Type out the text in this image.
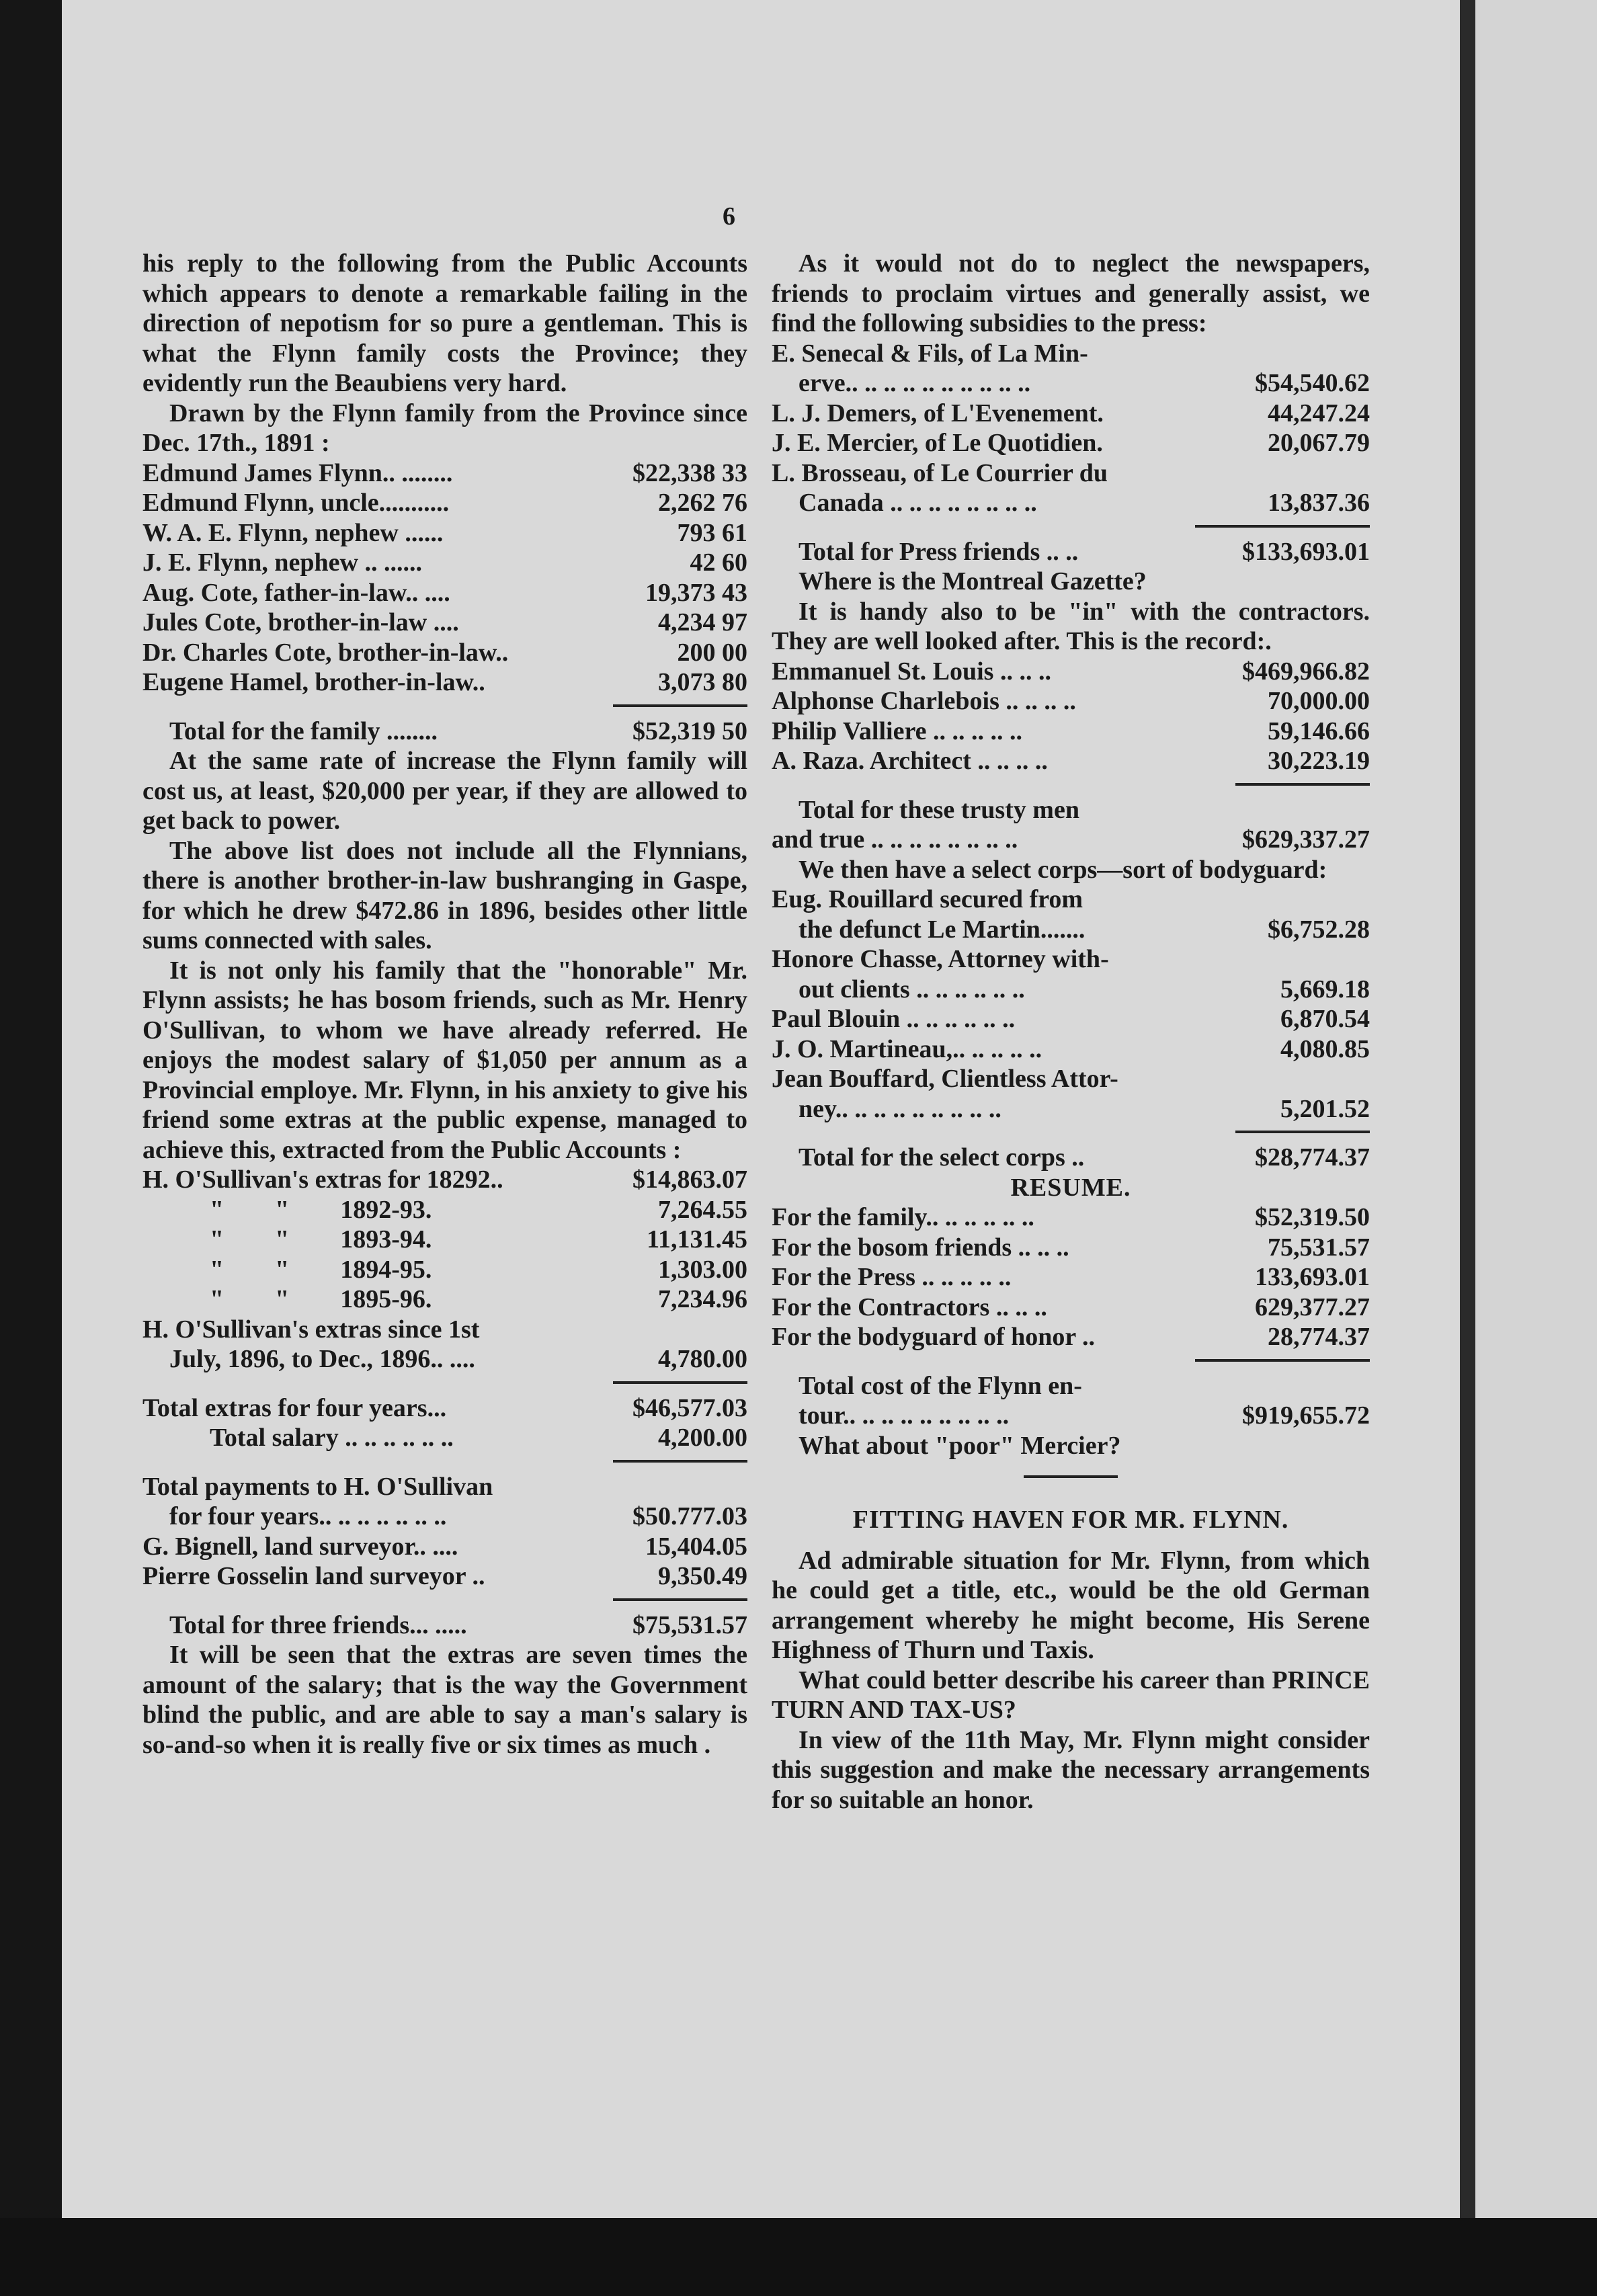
6

his reply to the following from the Public Accounts which appears to denote a remarkable failing in the direction of nepotism for so pure a gentleman. This is what the Flynn family costs the Province; they evidently run the Beaubiens very hard.

Drawn by the Flynn family from the Province since Dec. 17th., 1891 :

Edmund James Flynn.. ........	$22,338 33
Edmund Flynn, uncle...........	2,262 76
W. A. E. Flynn, nephew ......	793 61
J. E. Flynn, nephew .. ......	42 60
Aug. Cote, father-in-law.. ....	19,373 43
Jules Cote, brother-in-law ....	4,234 97
Dr. Charles Cote, brother-in-law..	200 00
Eugene Hamel, brother-in-law..	3,073 80
Total for the family ........	$52,319 50

At the same rate of increase the Flynn family will cost us, at least, $20,000 per year, if they are allowed to get back to power.

The above list does not include all the Flynnians, there is another brother-in-law bushranging in Gaspe, for which he drew $472.86 in 1896, besides other little sums connected with sales.

It is not only his family that the "honorable" Mr. Flynn assists; he has bosom friends, such as Mr. Henry O'Sullivan, to whom we have already referred. He enjoys the modest salary of $1,050 per annum as a Provincial employe. Mr. Flynn, in his anxiety to give his friend some extras at the public expense, managed to achieve this, extracted from the Public Accounts :

H. O'Sullivan's extras for 18292..	$14,863.07
"        "        1892-93.	7,264.55
"        "        1893-94.	11,131.45
"        "        1894-95.	1,303.00
"        "        1895-96.	7,234.96
H. O'Sullivan's extras since 1st
July, 1896, to Dec., 1896.. ....	4,780.00
Total extras for four years...	$46,577.03
Total salary .. .. .. .. .. ..	4,200.00
Total payments to H. O'Sullivan
for four years.. .. .. .. .. .. ..	$50.777.03
G. Bignell, land surveyor.. ....	15,404.05
Pierre Gosselin land surveyor ..	9,350.49
Total for three friends... .....	$75,531.57

It will be seen that the extras are seven times the amount of the salary; that is the way the Government blind the public, and are able to say a man's salary is so-and-so when it is really five or six times as much .

As it would not do to neglect the newspapers, friends to proclaim virtues and generally assist, we find the following subsidies to the press:

E. Senecal & Fils, of La Min-
erve.. .. .. .. .. .. .. .. .. ..	$54,540.62
L. J. Demers, of L'Evenement.	44,247.24
J. E. Mercier, of Le Quotidien.	20,067.79
L. Brosseau, of Le Courrier du
Canada .. .. .. .. .. .. .. ..	13,837.36
Total for Press friends .. ..	$133,693.01

Where is the Montreal Gazette?

It is handy also to be "in" with the contractors. They are well looked after. This is the record:.

Emmanuel St. Louis .. .. ..	$469,966.82
Alphonse Charlebois .. .. .. ..	70,000.00
Philip Valliere .. .. .. .. ..	59,146.66
A. Raza. Architect .. .. .. ..	30,223.19
Total for these trusty men
and true .. .. .. .. .. .. .. ..	$629,337.27

We then have a select corps—sort of bodyguard:

Eug. Rouillard secured from
the defunct Le Martin.......	$6,752.28
Honore Chasse, Attorney with-
out clients .. .. .. .. .. ..	5,669.18
Paul Blouin .. .. .. .. .. ..	6,870.54
J. O. Martineau,.. .. .. .. ..	4,080.85
Jean Bouffard, Clientless Attor-
ney.. .. .. .. .. .. .. .. ..	5,201.52
Total for the select corps ..	$28,774.37
RESUME.
For the family.. .. .. .. .. ..	$52,319.50
For the bosom friends .. .. ..	75,531.57
For the Press .. .. .. .. ..	133,693.01
For the Contractors .. .. ..	629,377.27
For the bodyguard of honor ..	28,774.37
Total cost of the Flynn en-
tour.. .. .. .. .. .. .. .. ..	$919,655.72
What about "poor" Mercier?
FITTING HAVEN FOR MR. FLYNN.

Ad admirable situation for Mr. Flynn, from which he could get a title, etc., would be the old German arrangement whereby he might become, His Serene Highness of Thurn und Taxis.

What could better describe his career than PRINCE TURN AND TAX-US?

In view of the 11th May, Mr. Flynn might consider this suggestion and make the necessary arrangements for so suitable an honor.
